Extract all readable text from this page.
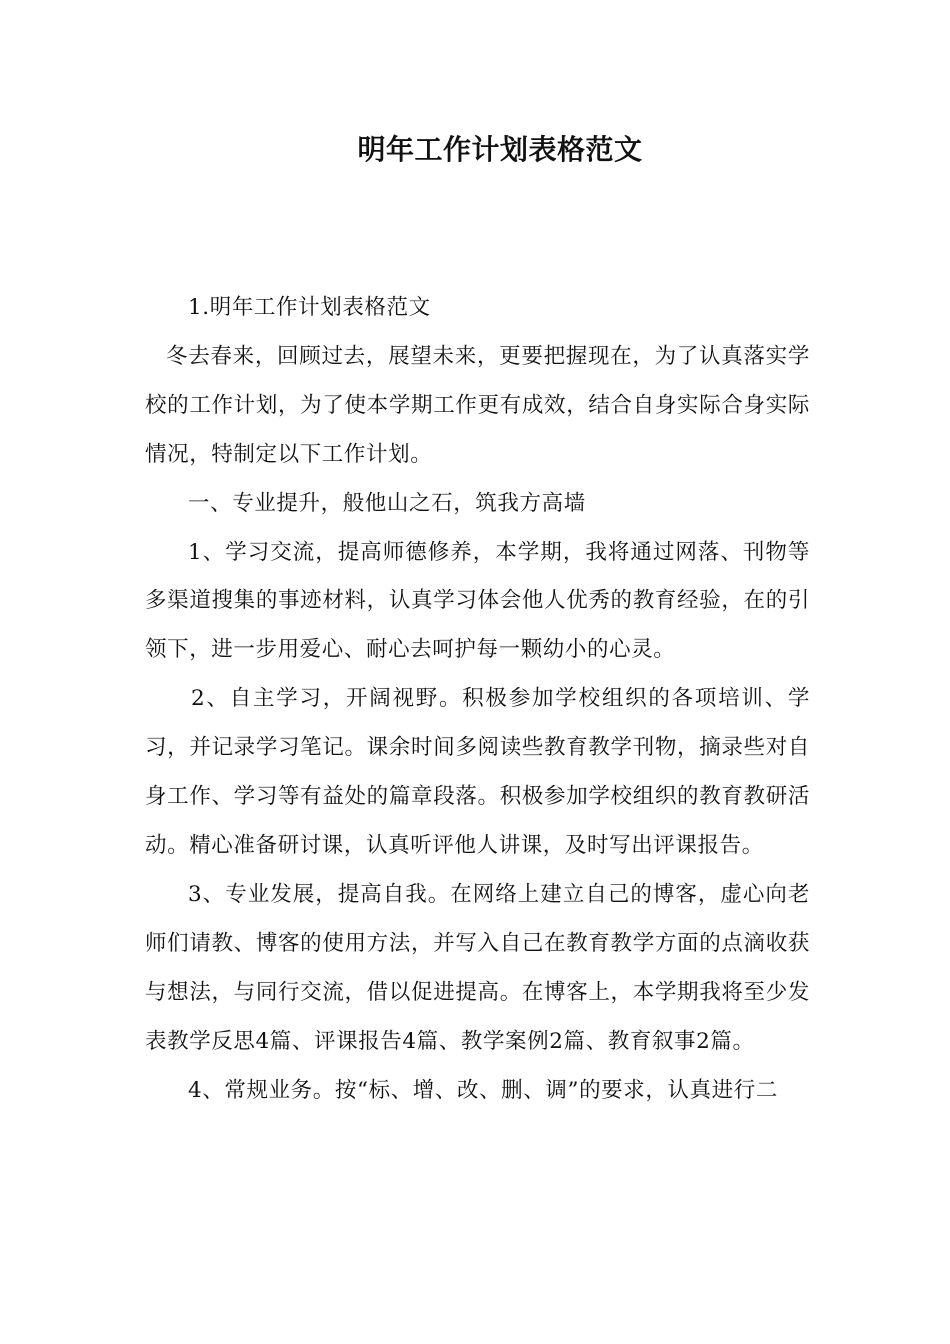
明年工作计划表格范文

1.明年工作计划表格范文

冬去春来，回顾过去，展望未来，更要把握现在，为了认真落实学校的工作计划，为了使本学期工作更有成效，结合自身实际合身实际情况，特制定以下工作计划。

一、专业提升，般他山之石，筑我方高墙

1、学习交流，提高师德修养，本学期，我将通过网落、刊物等多渠道搜集的事迹材料，认真学习体会他人优秀的教育经验，在的引领下，进一步用爱心、耐心去呵护每一颗幼小的心灵。

2、自主学习，开阔视野。积极参加学校组织的各项培训、学习，并记录学习笔记。课余时间多阅读些教育教学刊物，摘录些对自身工作、学习等有益处的篇章段落。积极参加学校组织的教育教研活动。精心准备研讨课，认真听评他人讲课，及时写出评课报告。

3、专业发展，提高自我。在网络上建立自己的博客，虚心向老师们请教、博客的使用方法，并写入自己在教育教学方面的点滴收获与想法，与同行交流，借以促进提高。在博客上，本学期我将至少发表教学反思4篇、评课报告4篇、教学案例2篇、教育叙事2篇。

4、常规业务。按“标、增、改、删、调”的要求，认真进行二
